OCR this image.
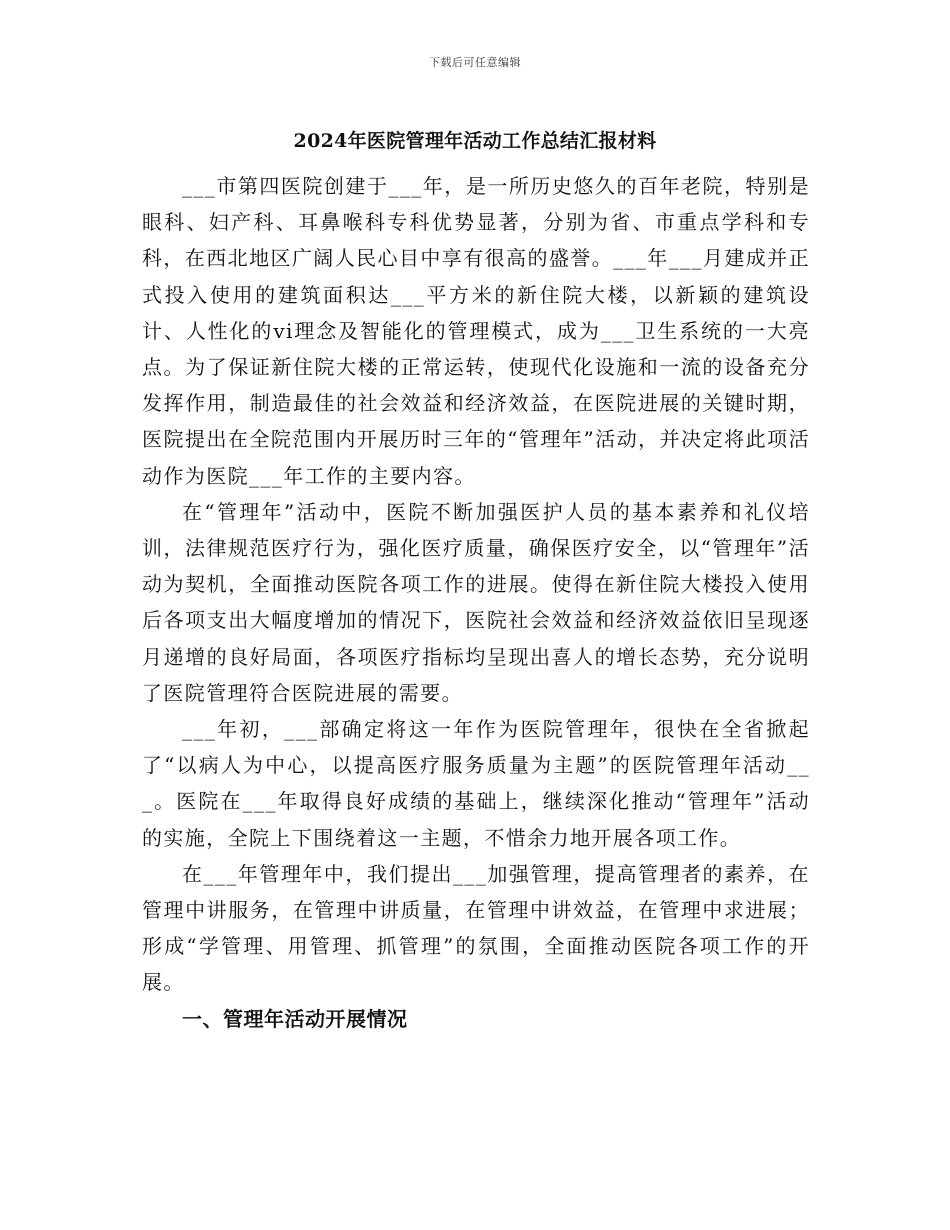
下载后可任意编辑
2024年医院管理年活动工作总结汇报材料

___市第四医院创建于___年，是一所历史悠久的百年老院，特别是眼科、妇产科、耳鼻喉科专科优势显著，分别为省、市重点学科和专科，在西北地区广阔人民心目中享有很高的盛誉。___年___月建成并正式投入使用的建筑面积达___平方米的新住院大楼，以新颖的建筑设计、人性化的vi理念及智能化的管理模式，成为___卫生系统的一大亮点。为了保证新住院大楼的正常运转，使现代化设施和一流的设备充分发挥作用，制造最佳的社会效益和经济效益，在医院进展的关键时期，医院提出在全院范围内开展历时三年的“管理年”活动，并决定将此项活动作为医院___年工作的主要内容。

在“管理年”活动中，医院不断加强医护人员的基本素养和礼仪培训，法律规范医疗行为，强化医疗质量，确保医疗安全，以“管理年”活动为契机，全面推动医院各项工作的进展。使得在新住院大楼投入使用后各项支出大幅度增加的情况下，医院社会效益和经济效益依旧呈现逐月递增的良好局面，各项医疗指标均呈现出喜人的增长态势，充分说明了医院管理符合医院进展的需要。

___年初，___部确定将这一年作为医院管理年，很快在全省掀起了“以病人为中心，以提高医疗服务质量为主题”的医院管理年活动___。医院在___年取得良好成绩的基础上，继续深化推动“管理年”活动的实施，全院上下围绕着这一主题，不惜余力地开展各项工作。

在___年管理年中，我们提出___加强管理，提高管理者的素养，在管理中讲服务，在管理中讲质量，在管理中讲效益，在管理中求进展；形成“学管理、用管理、抓管理”的氛围，全面推动医院各项工作的开展。

一、管理年活动开展情况
